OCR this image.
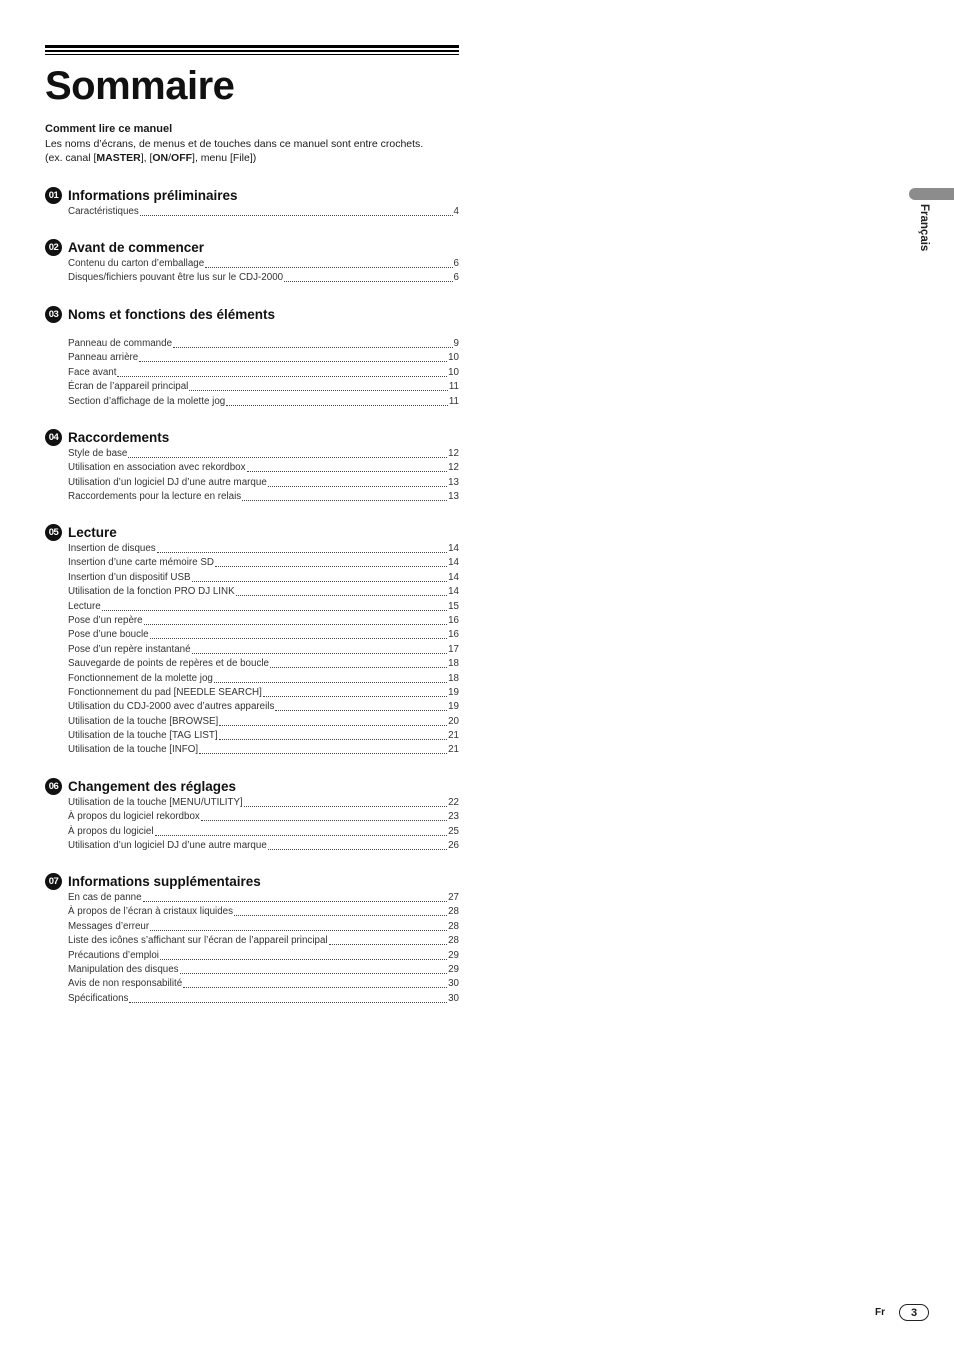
Sommaire
Comment lire ce manuel
Les noms d’écrans, de menus et de touches dans ce manuel sont entre crochets.
(ex. canal [MASTER], [ON/OFF], menu [File])
01 Informations préliminaires
Caractéristiques	4
02 Avant de commencer
Contenu du carton d’emballage	6
Disques/fichiers pouvant être lus sur le CDJ-2000	6
03 Noms et fonctions des éléments
Panneau de commande	9
Panneau arrière	10
Face avant	10
Écran de l’appareil principal	11
Section d’affichage de la molette jog	11
04 Raccordements
Style de base	12
Utilisation en association avec rekordbox	12
Utilisation d’un logiciel DJ d’une autre marque	13
Raccordements pour la lecture en relais	13
05 Lecture
Insertion de disques	14
Insertion d’une carte mémoire SD	14
Insertion d’un dispositif USB	14
Utilisation de la fonction PRO DJ LINK	14
Lecture	15
Pose d’un repère	16
Pose d’une boucle	16
Pose d’un repère instantané	17
Sauvegarde de points de repères et de boucle	18
Fonctionnement de la molette jog	18
Fonctionnement du pad [NEEDLE SEARCH]	19
Utilisation du CDJ-2000 avec d’autres appareils	19
Utilisation de la touche [BROWSE]	20
Utilisation de la touche [TAG LIST]	21
Utilisation de la touche [INFO]	21
06 Changement des réglages
Utilisation de la touche [MENU/UTILITY]	22
À propos du logiciel rekordbox	23
À propos du logiciel	25
Utilisation d’un logiciel DJ d’une autre marque	26
07 Informations supplémentaires
En cas de panne	27
À propos de l’écran à cristaux liquides	28
Messages d’erreur	28
Liste des icônes s’affichant sur l’écran de l’appareil principal	28
Précautions d’emploi	29
Manipulation des disques	29
Avis de non responsabilité	30
Spécifications	30
Français
Fr	3
